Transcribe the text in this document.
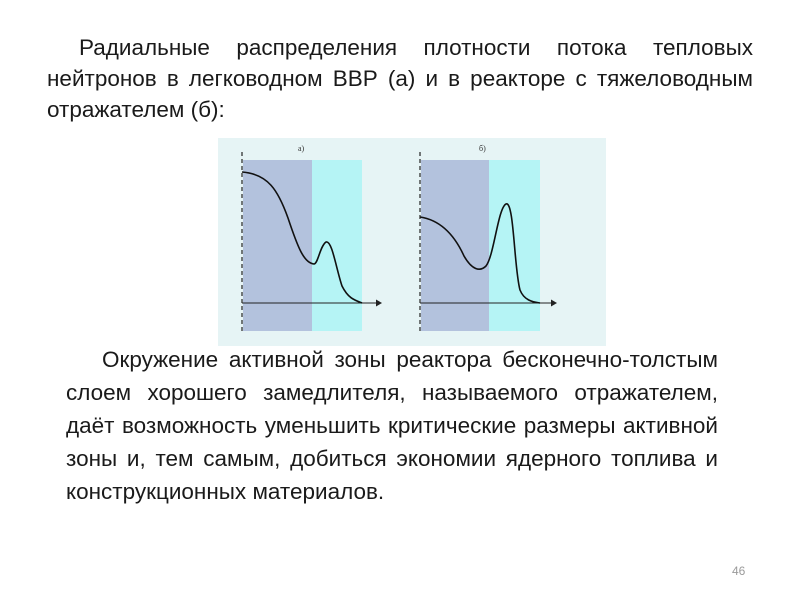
Радиальные распределения плотности потока тепловых нейтронов в легководном ВВР (а) и в реакторе с тяжеловодным отражателем (б):

а)	б)

Окружение активной зоны реактора бесконечно-толстым слоем хорошего замедлителя, называемого отражателем, даёт возможность уменьшить критические размеры активной зоны и, тем самым, добиться экономии ядерного топлива и конструкционных материалов.

46
